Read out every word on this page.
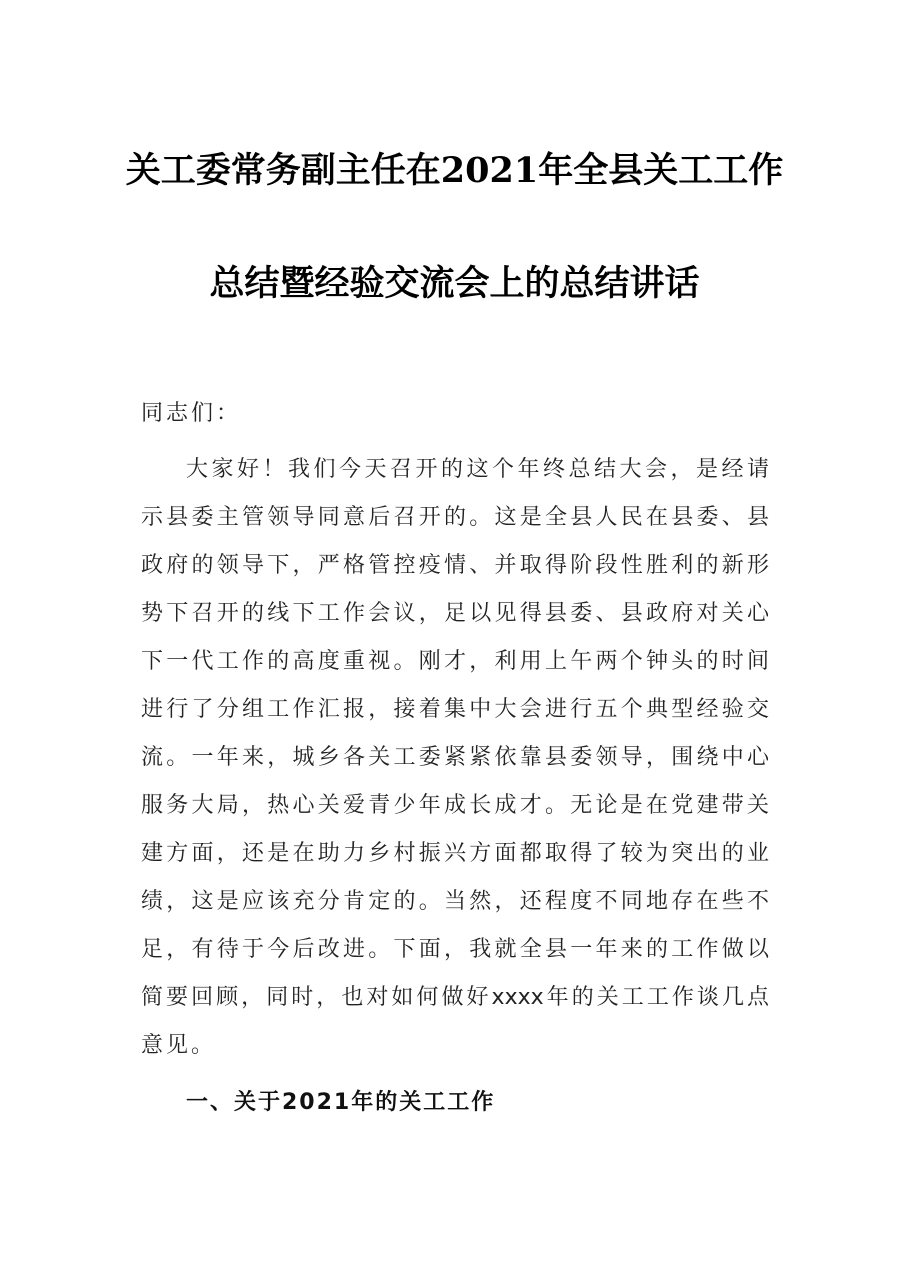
关工委常务副主任在2021年全县关工工作
总结暨经验交流会上的总结讲话
同志们：
大家好！我们今天召开的这个年终总结大会，是经请
示县委主管领导同意后召开的。这是全县人民在县委、县
政府的领导下，严格管控疫情、并取得阶段性胜利的新形
势下召开的线下工作会议，足以见得县委、县政府对关心
下一代工作的高度重视。刚才，利用上午两个钟头的时间
进行了分组工作汇报，接着集中大会进行五个典型经验交
流。一年来，城乡各关工委紧紧依靠县委领导，围绕中心
服务大局，热心关爱青少年成长成才。无论是在党建带关
建方面，还是在助力乡村振兴方面都取得了较为突出的业
绩，这是应该充分肯定的。当然，还程度不同地存在些不
足，有待于今后改进。下面，我就全县一年来的工作做以
简要回顾，同时，也对如何做好xxxx年的关工工作谈几点
意见。
一、关于2021年的关工工作
